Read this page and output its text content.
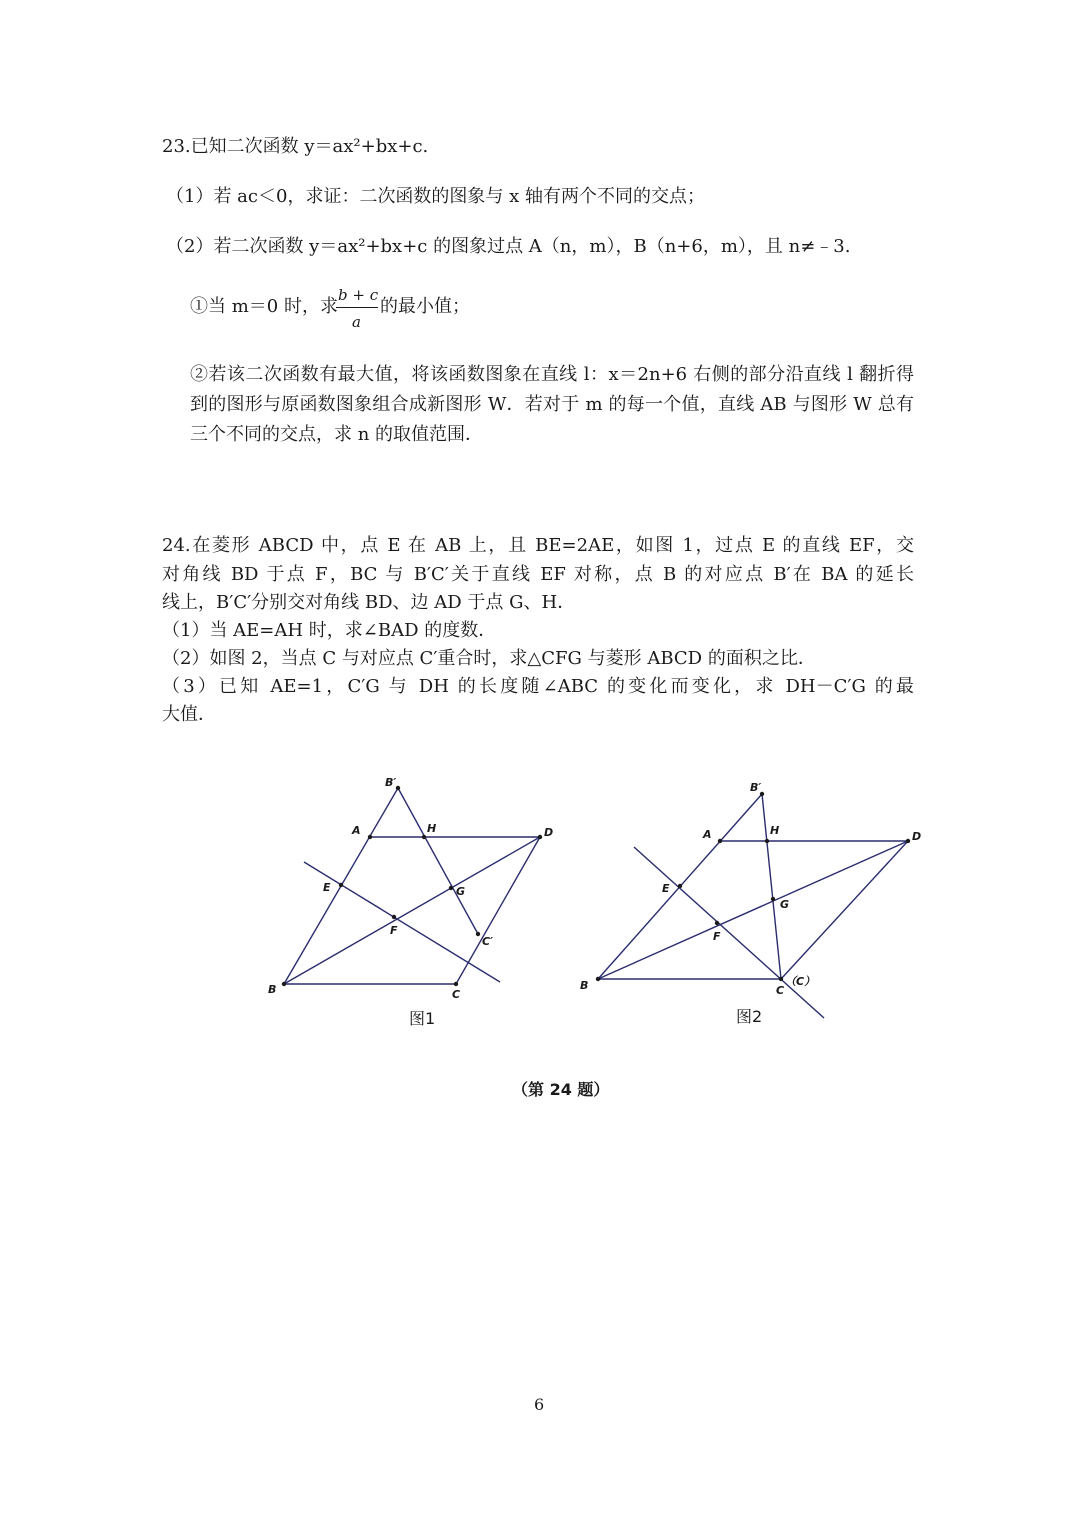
23.已知二次函数 y＝ax²+bx+c.
（1）若 ac＜0，求证：二次函数的图象与 x 轴有两个不同的交点；
（2）若二次函数 y＝ax²+bx+c 的图象过点 A（n，m），B（n+6，m），且 n≠﹣3.
①当 m＝0 时，求
b + c
a
的最小值；
②若该二次函数有最大值，将该函数图象在直线 l：x＝2n+6 右侧的部分沿直线 l 翻折得
到的图形与原函数图象组合成新图形 W．若对于 m 的每一个值，直线 AB 与图形 W 总有
三个不同的交点，求 n 的取值范围．
24.在菱形 ABCD 中，点 E 在 AB 上，且 BE=2AE，如图 1，过点 E 的直线 EF，交
对角线 BD 于点 F，BC 与 B′C′关于直线 EF 对称，点 B 的对应点 B′在 BA 的延长
线上，B′C′分别交对角线 BD、边 AD 于点 G、H．
（1）当 AE=AH 时，求∠BAD 的度数．
（2）如图 2，当点 C 与对应点 C′重合时，求△CFG 与菱形 ABCD 的面积之比．
（3）已知 AE=1，C′G 与 DH 的长度随∠ABC 的变化而变化，求 DH－C′G 的最
大值．
B′
A	H	D
E	G
F
C′
B	C
图1
B′
A	H	D
E
G
F
B	C
（C）
图2
（第 24 题）
6
